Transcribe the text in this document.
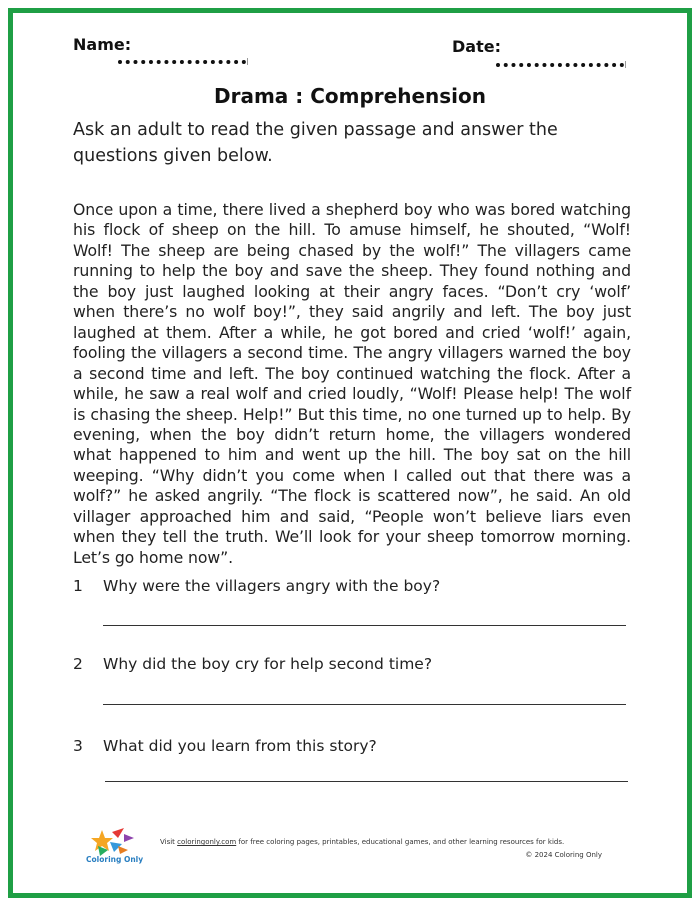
Name:	Date:
Drama : Comprehension
Ask an adult to read the given passage and answer the questions given below.
Once upon a time, there lived a shepherd boy who was bored watching his flock of sheep on the hill. To amuse himself, he shouted, “Wolf! Wolf! The sheep are being chased by the wolf!” The villagers came running to help the boy and save the sheep. They found nothing and the boy just laughed looking at their angry faces. “Don’t cry ‘wolf’ when there’s no wolf boy!”, they said angrily and left. The boy just laughed at them. After a while, he got bored and cried ‘wolf!’ again, fooling the villagers a second time. The angry villagers warned the boy a second time and left. The boy continued watching the flock. After a while, he saw a real wolf and cried loudly, “Wolf! Please help! The wolf is chasing the sheep. Help!” But this time, no one turned up to help. By evening, when the boy didn’t return home, the villagers wondered what happened to him and went up the hill. The boy sat on the hill weeping. “Why didn’t you come when I called out that there was a wolf?” he asked angrily. “The flock is scattered now”, he said. An old villager approached him and said, “People won’t believe liars even when they tell the truth. We’ll look for your sheep tomorrow morning. Let’s go home now”.
1 Why were the villagers angry with the boy?
2 Why did the boy cry for help second time?
3 What did you learn from this story?
Coloring Only
Visit coloringonly.com for free coloring pages, printables, educational games, and other learning resources for kids.
© 2024 Coloring Only
